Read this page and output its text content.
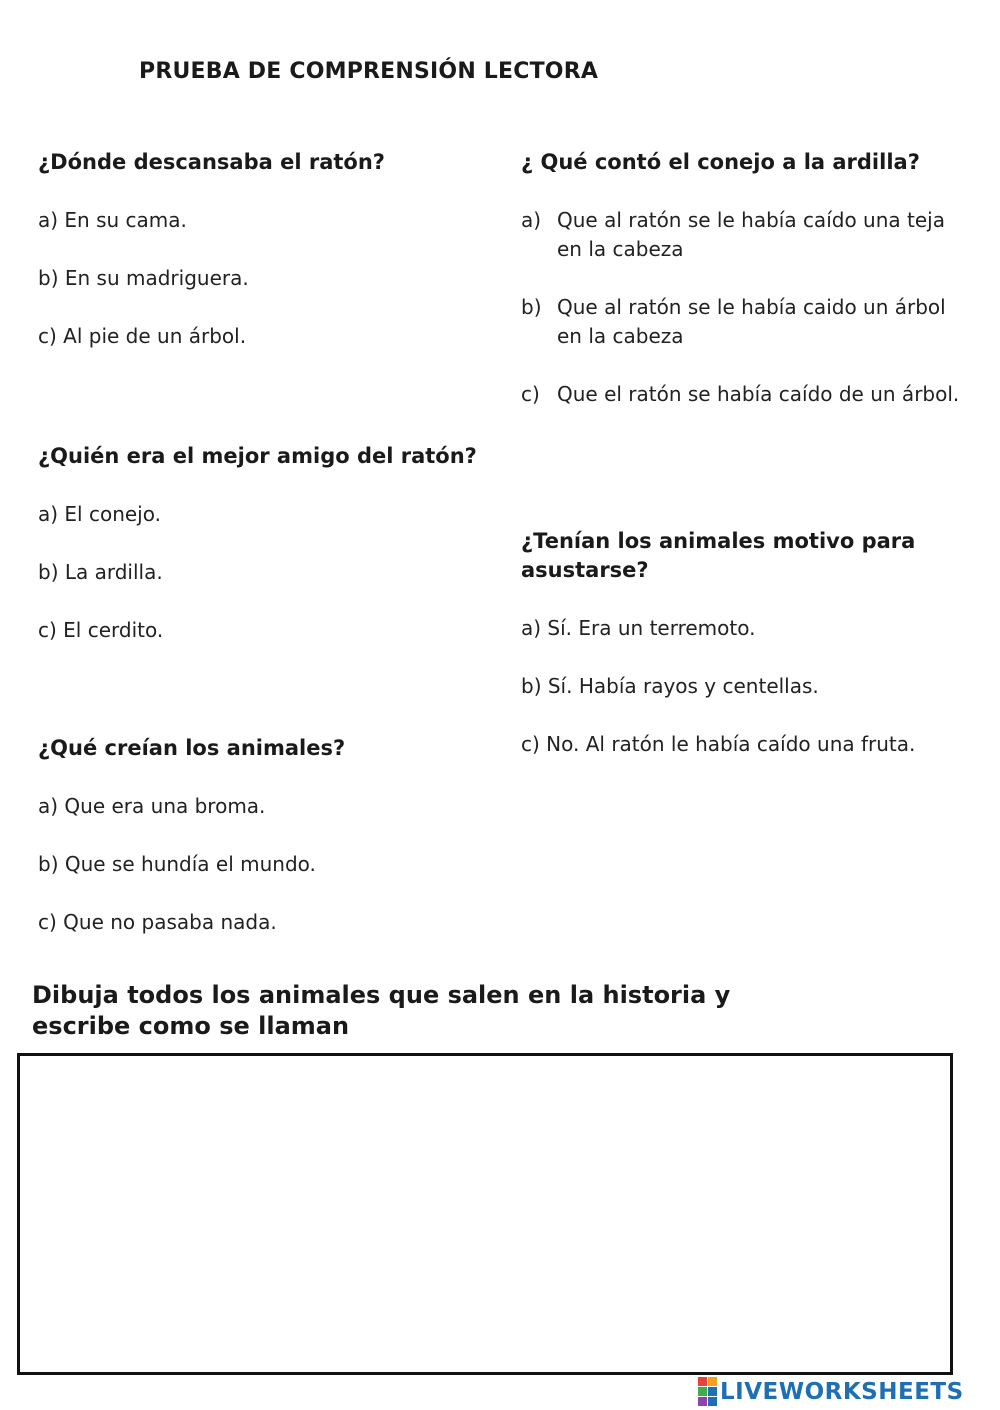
PRUEBA DE COMPRENSIÓN LECTORA
¿Dónde descansaba el ratón?
a) En su cama.
b) En su madriguera.
c) Al pie de un árbol.
¿Quién era el mejor amigo del ratón?
a) El conejo.
b) La ardilla.
c) El cerdito.
¿Qué creían los animales?
a) Que era una broma.
b) Que se hundía el mundo.
c) Que no pasaba nada.
¿ Qué contó el conejo a la ardilla?
a) Que al ratón se le había caído una teja en la cabeza
b) Que al ratón se le había caido un árbol en la cabeza
c) Que el ratón se había caído de un árbol.
¿Tenían los animales motivo para asustarse?
a) Sí. Era un terremoto.
b) Sí. Había rayos y centellas.
c) No. Al ratón le había caído una fruta.
Dibuja todos los animales que salen en la historia y escribe como se llaman
LIVEWORKSHEETS
